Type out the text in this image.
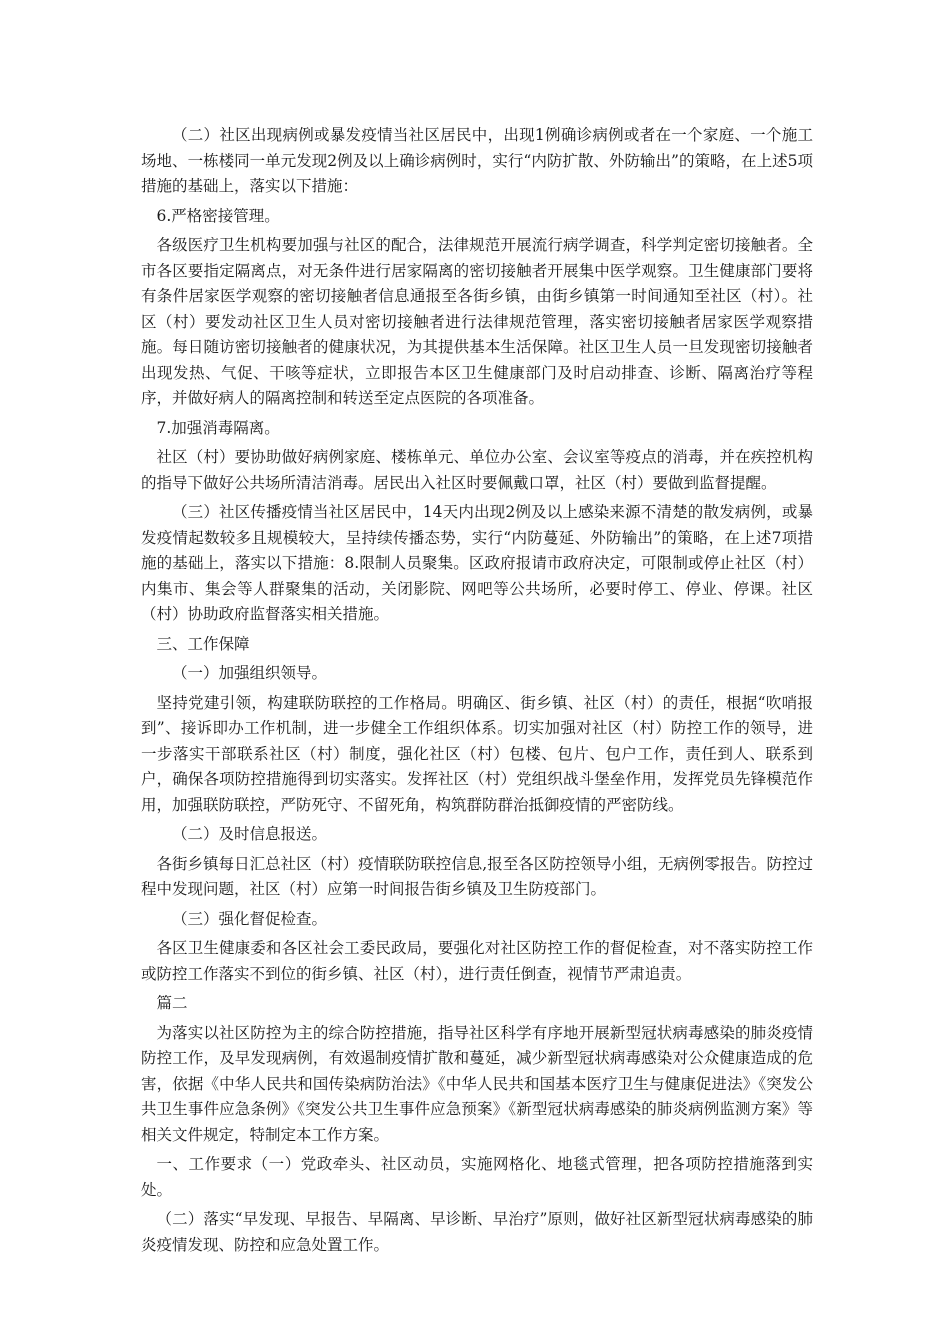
（二）社区出现病例或暴发疫情当社区居民中，出现1例确诊病例或者在一个家庭、一个施工场地、一栋楼同一单元发现2例及以上确诊病例时，实行“内防扩散、外防输出”的策略，在上述5项措施的基础上，落实以下措施：

6.严格密接管理。

各级医疗卫生机构要加强与社区的配合，法律规范开展流行病学调查，科学判定密切接触者。全市各区要指定隔离点，对无条件进行居家隔离的密切接触者开展集中医学观察。卫生健康部门要将有条件居家医学观察的密切接触者信息通报至各街乡镇，由街乡镇第一时间通知至社区（村）。社区（村）要发动社区卫生人员对密切接触者进行法律规范管理，落实密切接触者居家医学观察措施。每日随访密切接触者的健康状况，为其提供基本生活保障。社区卫生人员一旦发现密切接触者出现发热、气促、干咳等症状，立即报告本区卫生健康部门及时启动排查、诊断、隔离治疗等程序，并做好病人的隔离控制和转送至定点医院的各项准备。

7.加强消毒隔离。

社区（村）要协助做好病例家庭、楼栋单元、单位办公室、会议室等疫点的消毒，并在疾控机构的指导下做好公共场所清洁消毒。居民出入社区时要佩戴口罩，社区（村）要做到监督提醒。

（三）社区传播疫情当社区居民中，14天内出现2例及以上感染来源不清楚的散发病例，或暴发疫情起数较多且规模较大，呈持续传播态势，实行“内防蔓延、外防输出”的策略，在上述7项措施的基础上，落实以下措施：8.限制人员聚集。区政府报请市政府决定，可限制或停止社区（村）内集市、集会等人群聚集的活动，关闭影院、网吧等公共场所，必要时停工、停业、停课。社区（村）协助政府监督落实相关措施。

三、工作保障

（一）加强组织领导。

坚持党建引领，构建联防联控的工作格局。明确区、街乡镇、社区（村）的责任，根据“吹哨报到”、接诉即办工作机制，进一步健全工作组织体系。切实加强对社区（村）防控工作的领导，进一步落实干部联系社区（村）制度，强化社区（村）包楼、包片、包户工作，责任到人、联系到户，确保各项防控措施得到切实落实。发挥社区（村）党组织战斗堡垒作用，发挥党员先锋模范作用，加强联防联控，严防死守、不留死角，构筑群防群治抵御疫情的严密防线。

（二）及时信息报送。

各街乡镇每日汇总社区（村）疫情联防联控信息,报至各区防控领导小组，无病例零报告。防控过程中发现问题，社区（村）应第一时间报告街乡镇及卫生防疫部门。

（三）强化督促检查。

各区卫生健康委和各区社会工委民政局，要强化对社区防控工作的督促检查，对不落实防控工作或防控工作落实不到位的街乡镇、社区（村），进行责任倒查，视情节严肃追责。

篇二

为落实以社区防控为主的综合防控措施，指导社区科学有序地开展新型冠状病毒感染的肺炎疫情防控工作，及早发现病例，有效遏制疫情扩散和蔓延，减少新型冠状病毒感染对公众健康造成的危害，依据《中华人民共和国传染病防治法》《中华人民共和国基本医疗卫生与健康促进法》《突发公共卫生事件应急条例》《突发公共卫生事件应急预案》《新型冠状病毒感染的肺炎病例监测方案》等相关文件规定，特制定本工作方案。

一、工作要求（一）党政牵头、社区动员，实施网格化、地毯式管理，把各项防控措施落到实处。

（二）落实“早发现、早报告、早隔离、早诊断、早治疗”原则，做好社区新型冠状病毒感染的肺炎疫情发现、防控和应急处置工作。
